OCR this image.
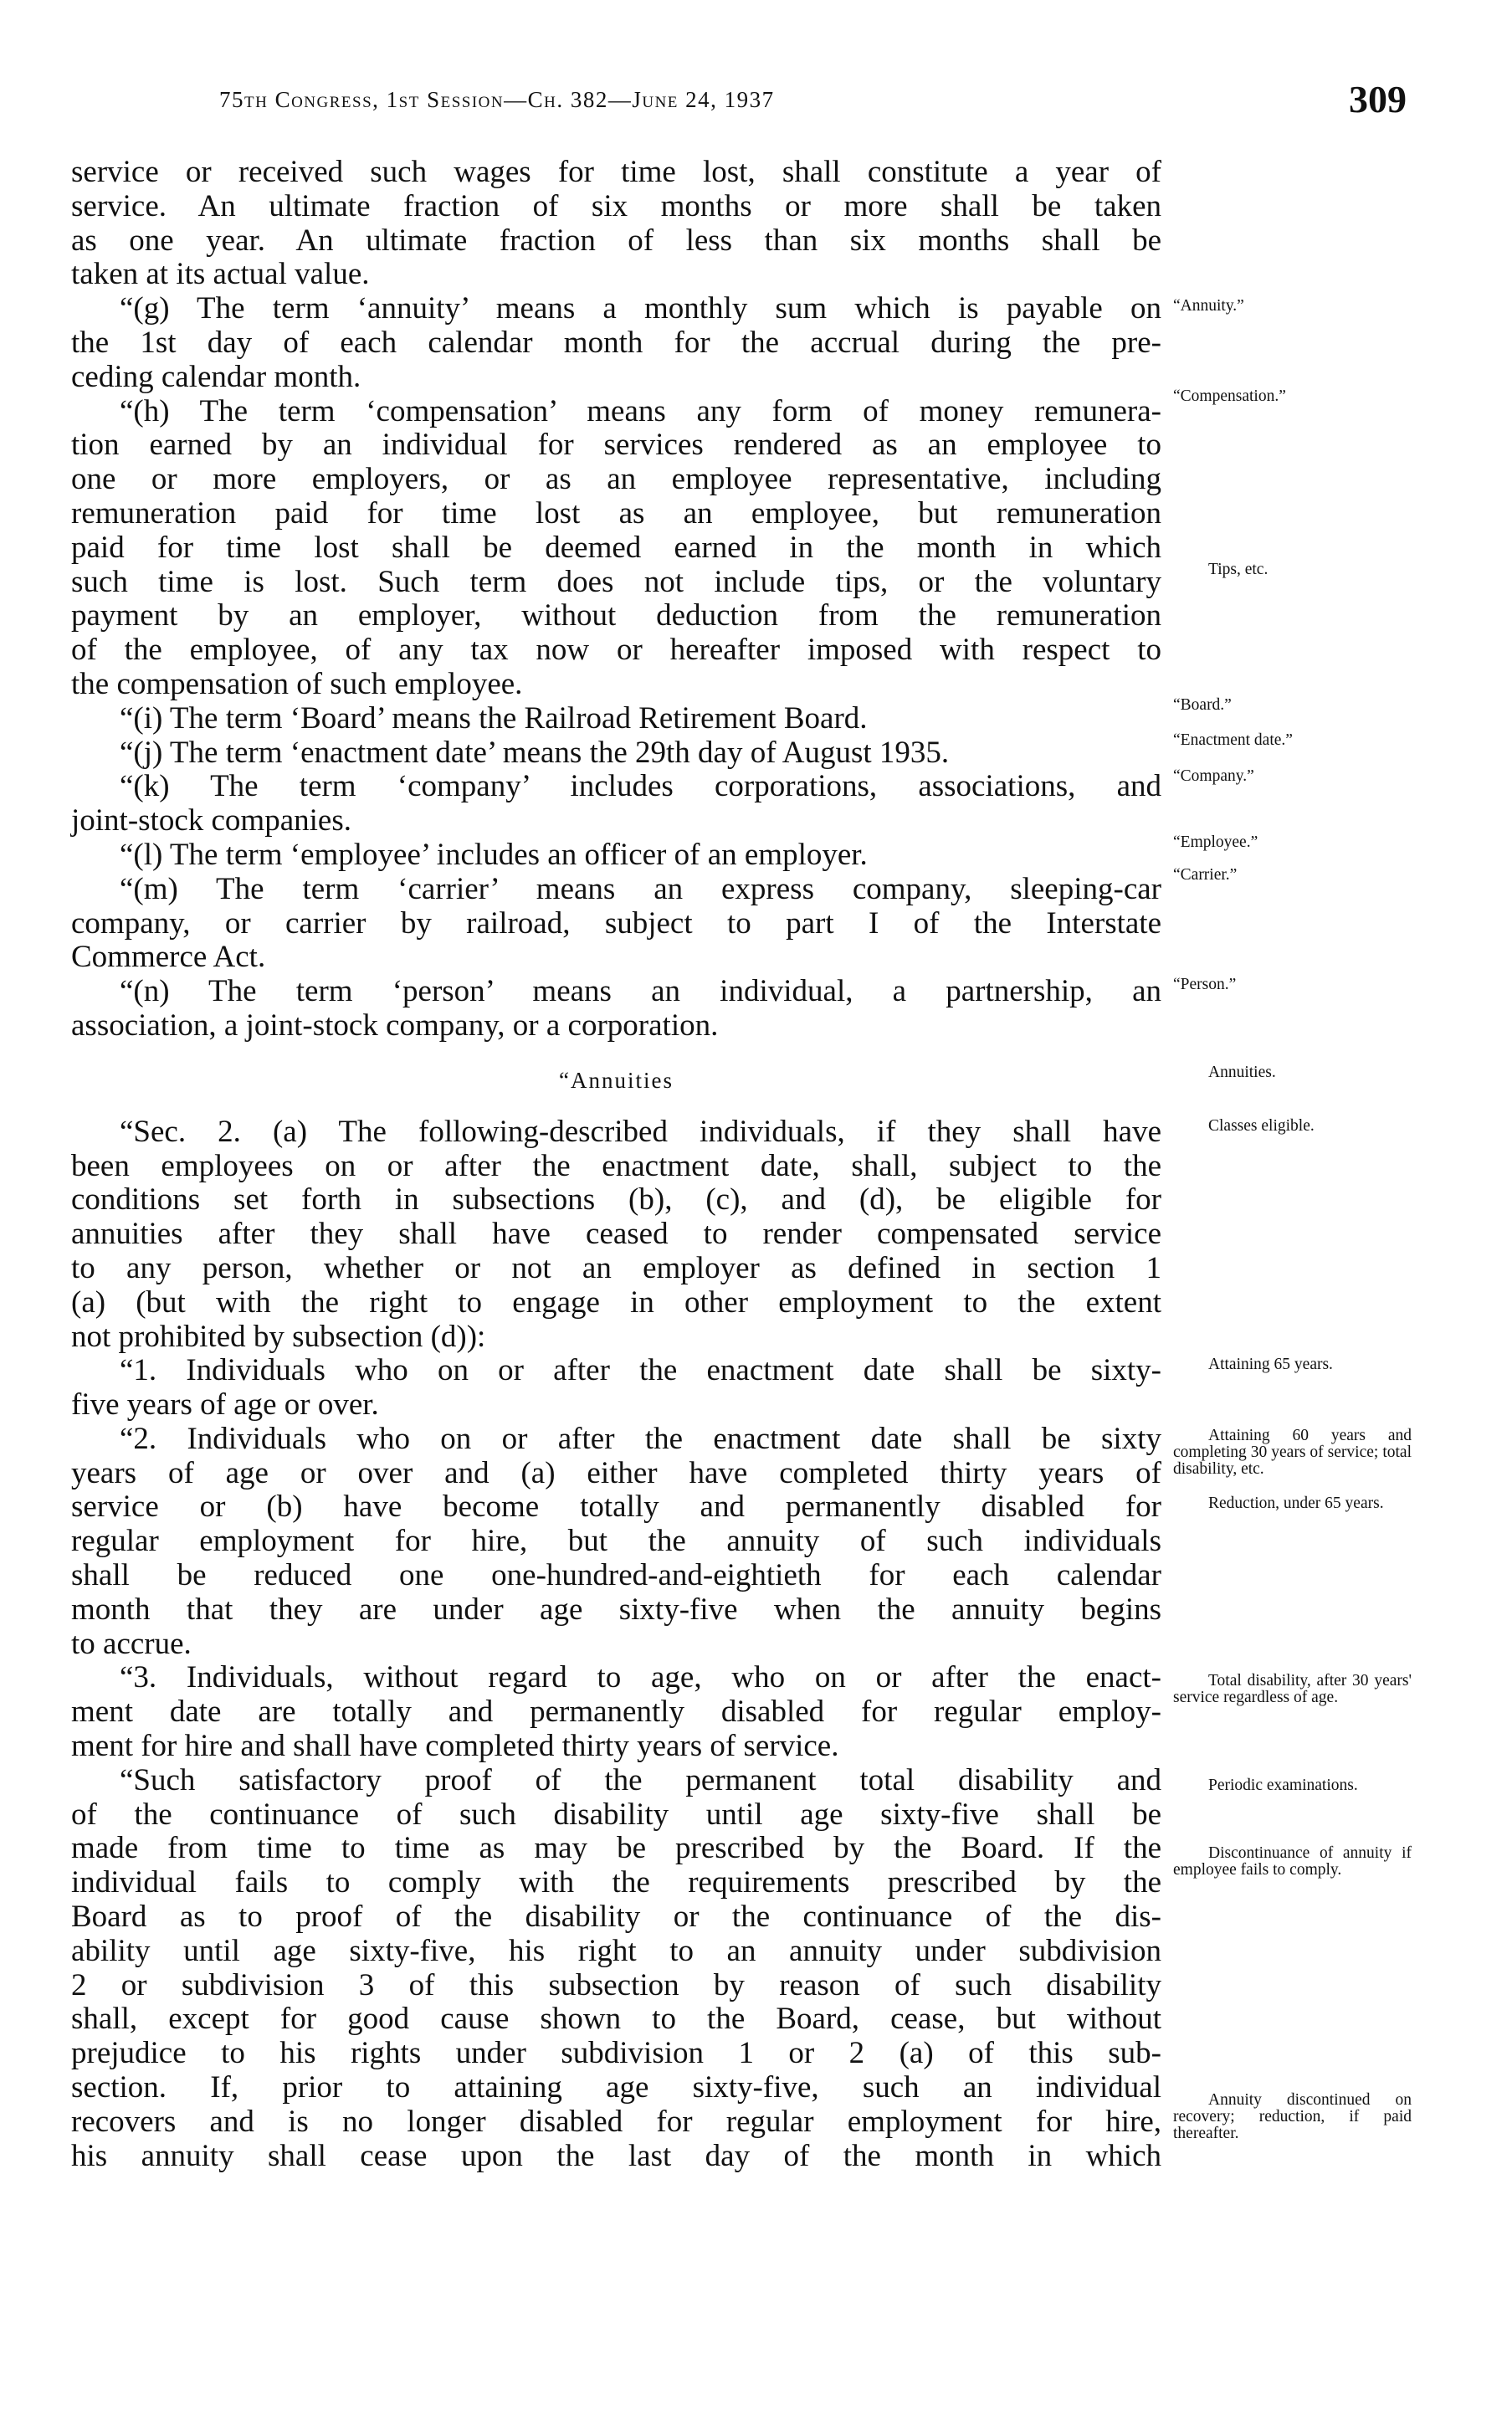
75th Congress, 1st Session—Ch. 382—June 24, 1937	309
service or received such wages for time lost, shall constitute a year of
service. An ultimate fraction of six months or more shall be taken
as one year. An ultimate fraction of less than six months shall be
taken at its actual value.
“(g) The term ‘annuity’ means a monthly sum which is payable on
the 1st day of each calendar month for the accrual during the pre-
ceding calendar month.
“(h) The term ‘compensation’ means any form of money remunera-
tion earned by an individual for services rendered as an employee to
one or more employers, or as an employee representative, including
remuneration paid for time lost as an employee, but remuneration
paid for time lost shall be deemed earned in the month in which
such time is lost. Such term does not include tips, or the voluntary
payment by an employer, without deduction from the remuneration
of the employee, of any tax now or hereafter imposed with respect to
the compensation of such employee.
“(i) The term ‘Board’ means the Railroad Retirement Board.
“(j) The term ‘enactment date’ means the 29th day of August 1935.
“(k) The term ‘company’ includes corporations, associations, and
joint-stock companies.
“(l) The term ‘employee’ includes an officer of an employer.
“(m) The term ‘carrier’ means an express company, sleeping-car
company, or carrier by railroad, subject to part I of the Interstate
Commerce Act.
“(n) The term ‘person’ means an individual, a partnership, an
association, a joint-stock company, or a corporation.
“Annuities
“Sec. 2. (a) The following-described individuals, if they shall have
been employees on or after the enactment date, shall, subject to the
conditions set forth in subsections (b), (c), and (d), be eligible for
annuities after they shall have ceased to render compensated service
to any person, whether or not an employer as defined in section 1
(a) (but with the right to engage in other employment to the extent
not prohibited by subsection (d)):
“1. Individuals who on or after the enactment date shall be sixty-
five years of age or over.
“2. Individuals who on or after the enactment date shall be sixty
years of age or over and (a) either have completed thirty years of
service or (b) have become totally and permanently disabled for
regular employment for hire, but the annuity of such individuals
shall be reduced one one-hundred-and-eightieth for each calendar
month that they are under age sixty-five when the annuity begins
to accrue.
“3. Individuals, without regard to age, who on or after the enact-
ment date are totally and permanently disabled for regular employ-
ment for hire and shall have completed thirty years of service.
“Such satisfactory proof of the permanent total disability and
of the continuance of such disability until age sixty-five shall be
made from time to time as may be prescribed by the Board. If the
individual fails to comply with the requirements prescribed by the
Board as to proof of the disability or the continuance of the dis-
ability until age sixty-five, his right to an annuity under subdivision
2 or subdivision 3 of this subsection by reason of such disability
shall, except for good cause shown to the Board, cease, but without
prejudice to his rights under subdivision 1 or 2 (a) of this sub-
section. If, prior to attaining age sixty-five, such an individual
recovers and is no longer disabled for regular employment for hire,
his annuity shall cease upon the last day of the month in which
“Annuity.”
“Compensation.”
Tips, etc.
“Board.”
“Enactment date.”
“Company.”
“Employee.”
“Carrier.”
“Person.”
Annuities.
Classes eligible.
Attaining 65 years.
Attaining 60 years and completing 30 years of service; total disability, etc.
Reduction, under 65 years.
Total disability, after 30 years' service regardless of age.
Periodic examinations.
Discontinuance of annuity if employee fails to comply.
Annuity discontinued on recovery; reduction, if paid thereafter.
